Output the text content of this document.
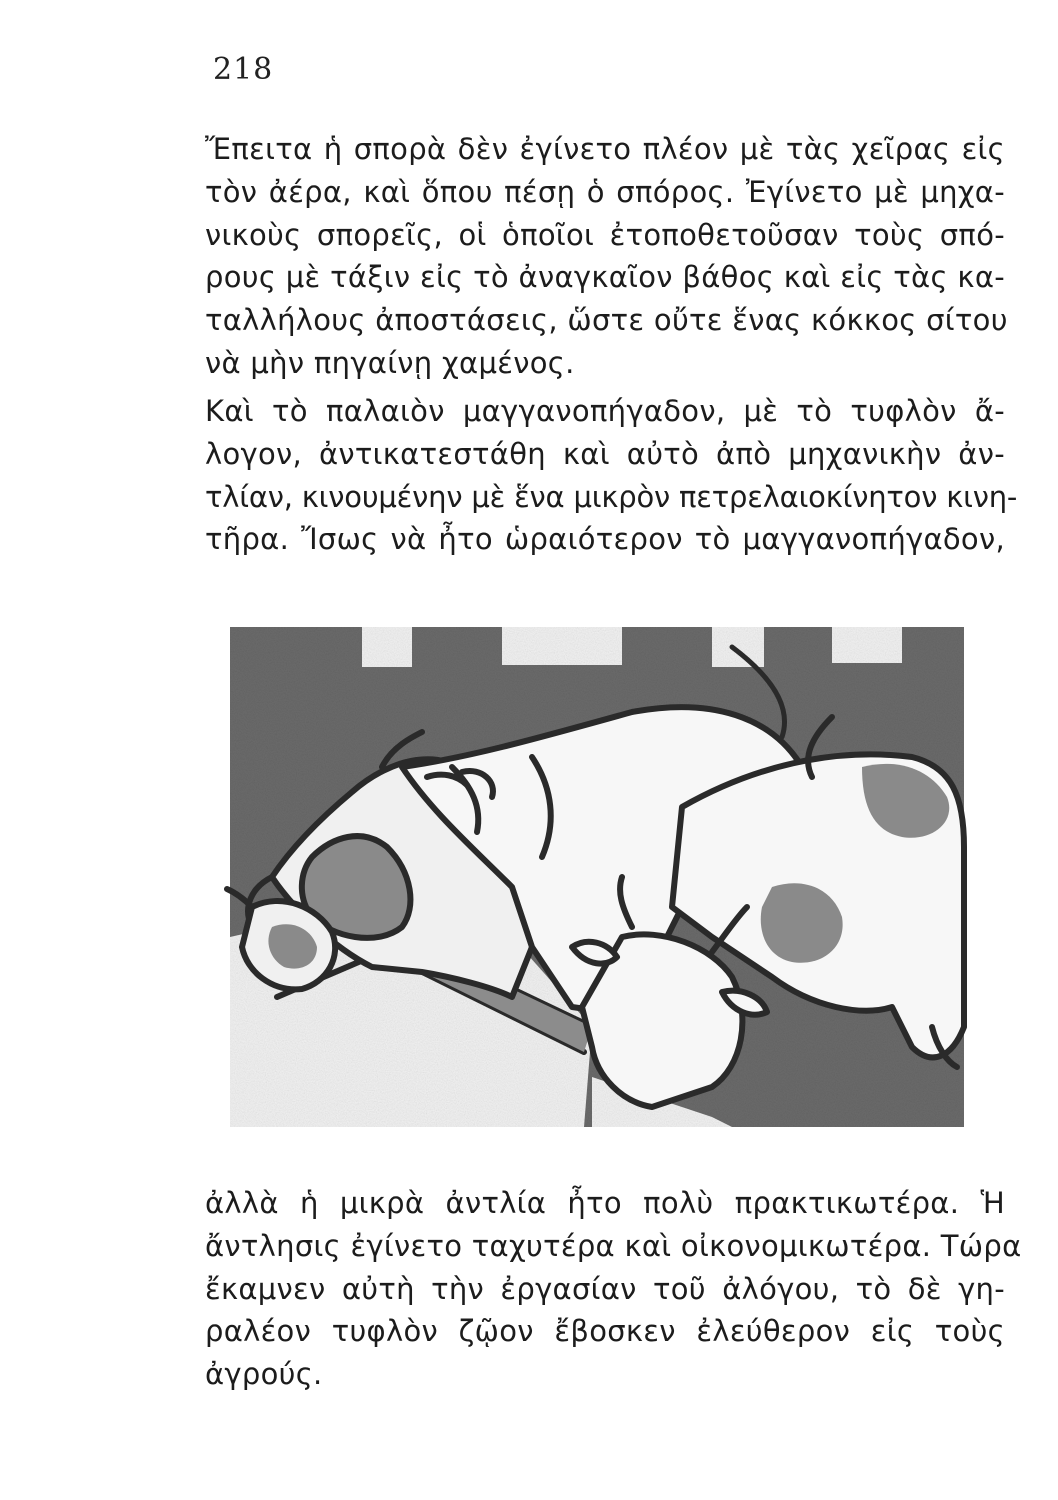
218
Ἔπειτα ἡ σπορὰ δὲν ἐγίνετο πλέον μὲ τὰς χεῖρας εἰς
τὸν ἀέρα, καὶ ὅπου πέσῃ ὁ σπόρος. Ἐγίνετο μὲ μηχα-
νικοὺς σπορεῖς, οἱ ὁποῖοι ἐτοποθετοῦσαν τοὺς σπό-
ρους μὲ τάξιν εἰς τὸ ἀναγκαῖον βάθος καὶ εἰς τὰς κα-
ταλλήλους ἀποστάσεις, ὥστε οὔτε ἕνας κόκκος σίτου
νὰ μὴν πηγαίνῃ χαμένος.
Καὶ τὸ παλαιὸν μαγγανοπήγαδον, μὲ τὸ τυφλὸν ἄ-
λογον, ἀντικατεστάθη καὶ αὐτὸ ἀπὸ μηχανικὴν ἀν-
τλίαν, κινουμένην μὲ ἕνα μικρὸν πετρελαιοκίνητον κινη-
τῆρα. Ἴσως νὰ ἦτο ὡραιότερον τὸ μαγγανοπήγαδον,
ἀλλὰ ἡ μικρὰ ἀντλία ἦτο πολὺ πρακτικωτέρα. Ἡ
ἄντλησις ἐγίνετο ταχυτέρα καὶ οἰκονομικωτέρα. Τώρα
ἔκαμνεν αὐτὴ τὴν ἐργασίαν τοῦ ἀλόγου, τὸ δὲ γη-
ραλέον τυφλὸν ζῷον ἔβοσκεν ἐλεύθερον εἰς τοὺς
ἀγρούς.
